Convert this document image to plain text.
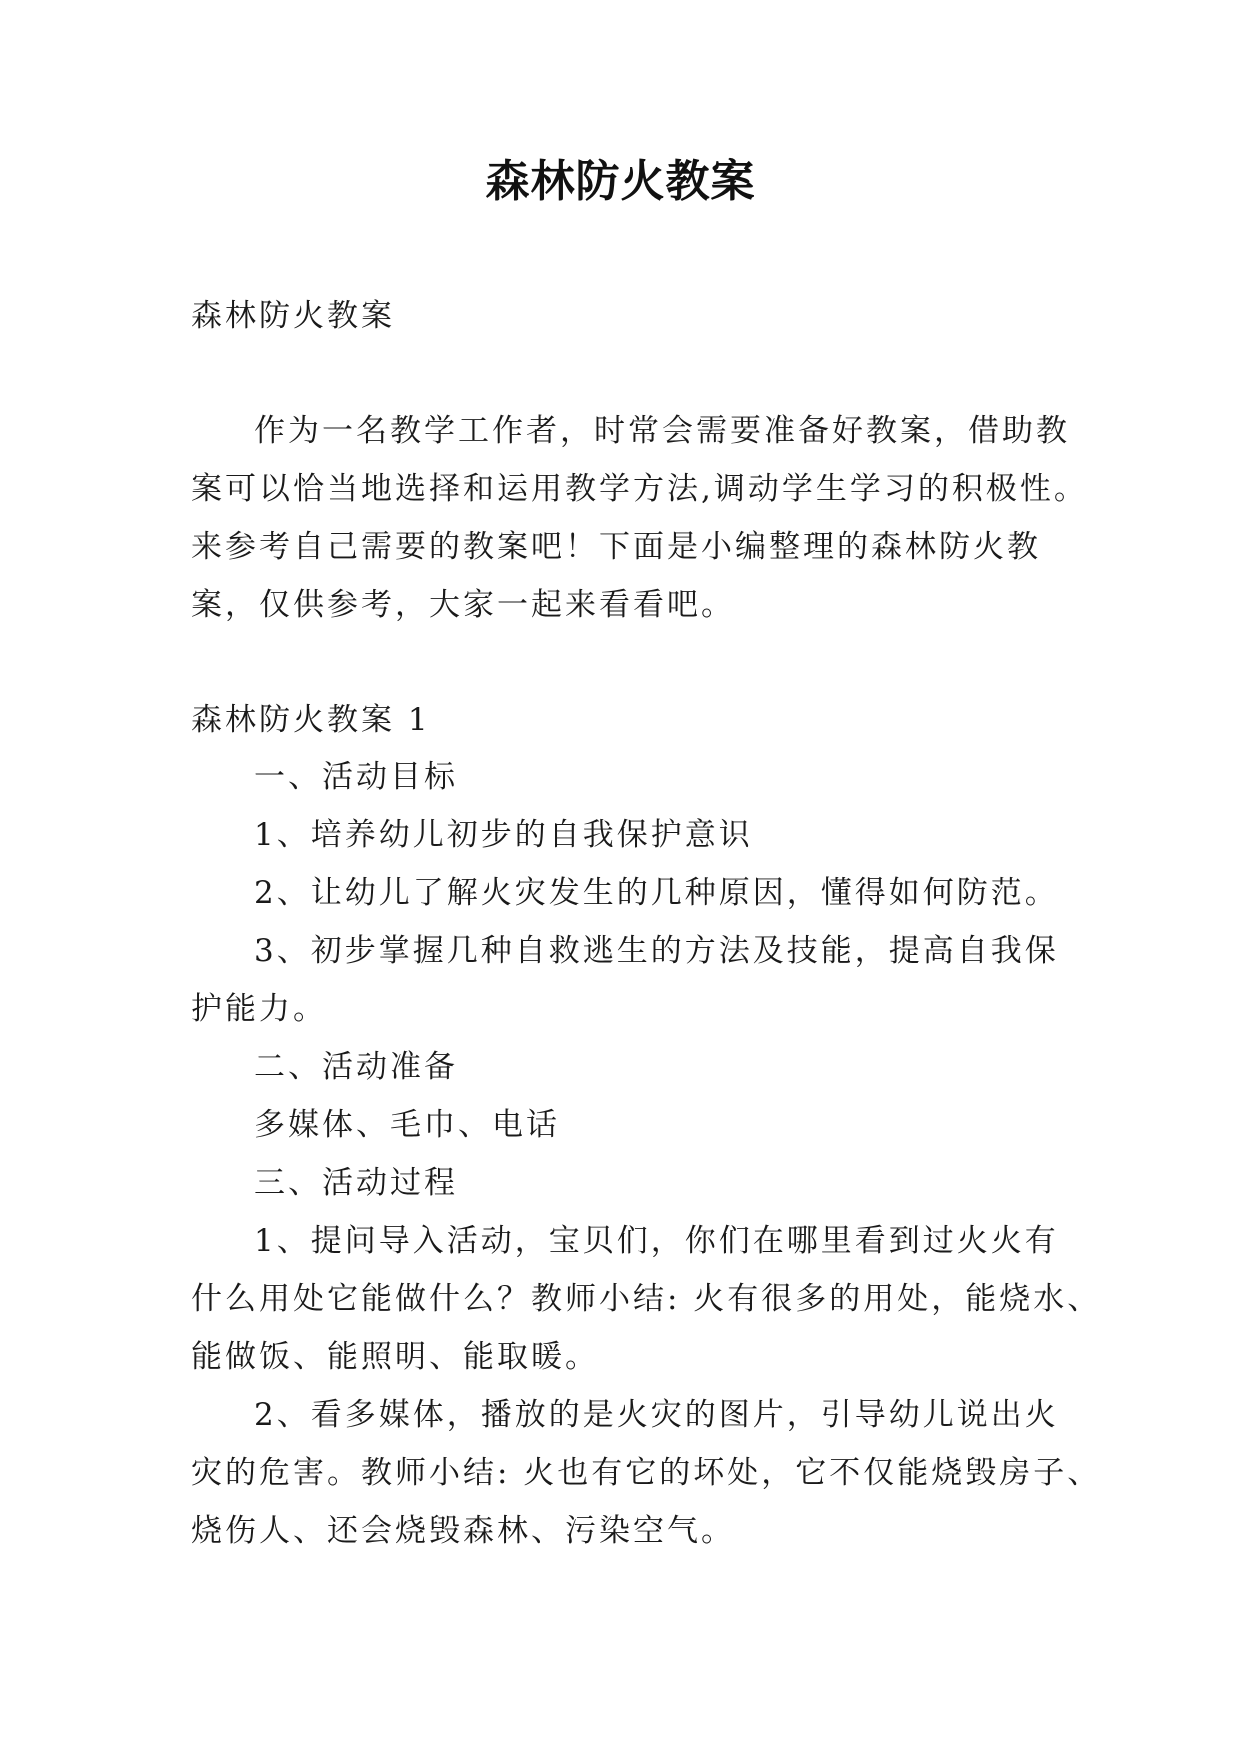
森林防火教案
森林防火教案
作为一名教学工作者，时常会需要准备好教案，借助教
案可以恰当地选择和运用教学方法,调动学生学习的积极性。
来参考自己需要的教案吧！下面是小编整理的森林防火教
案，仅供参考，大家一起来看看吧。
森林防火教案 1
一、活动目标
1、培养幼儿初步的自我保护意识
2、让幼儿了解火灾发生的几种原因，懂得如何防范。
3、初步掌握几种自救逃生的方法及技能，提高自我保
护能力。
二、活动准备
多媒体、毛巾、电话
三、活动过程
1、提问导入活动，宝贝们，你们在哪里看到过火火有
什么用处它能做什么？教师小结: 火有很多的用处，能烧水、
能做饭、能照明、能取暖。
2、看多媒体，播放的是火灾的图片，引导幼儿说出火
灾的危害。教师小结: 火也有它的坏处，它不仅能烧毁房子、
烧伤人、还会烧毁森林、污染空气。
